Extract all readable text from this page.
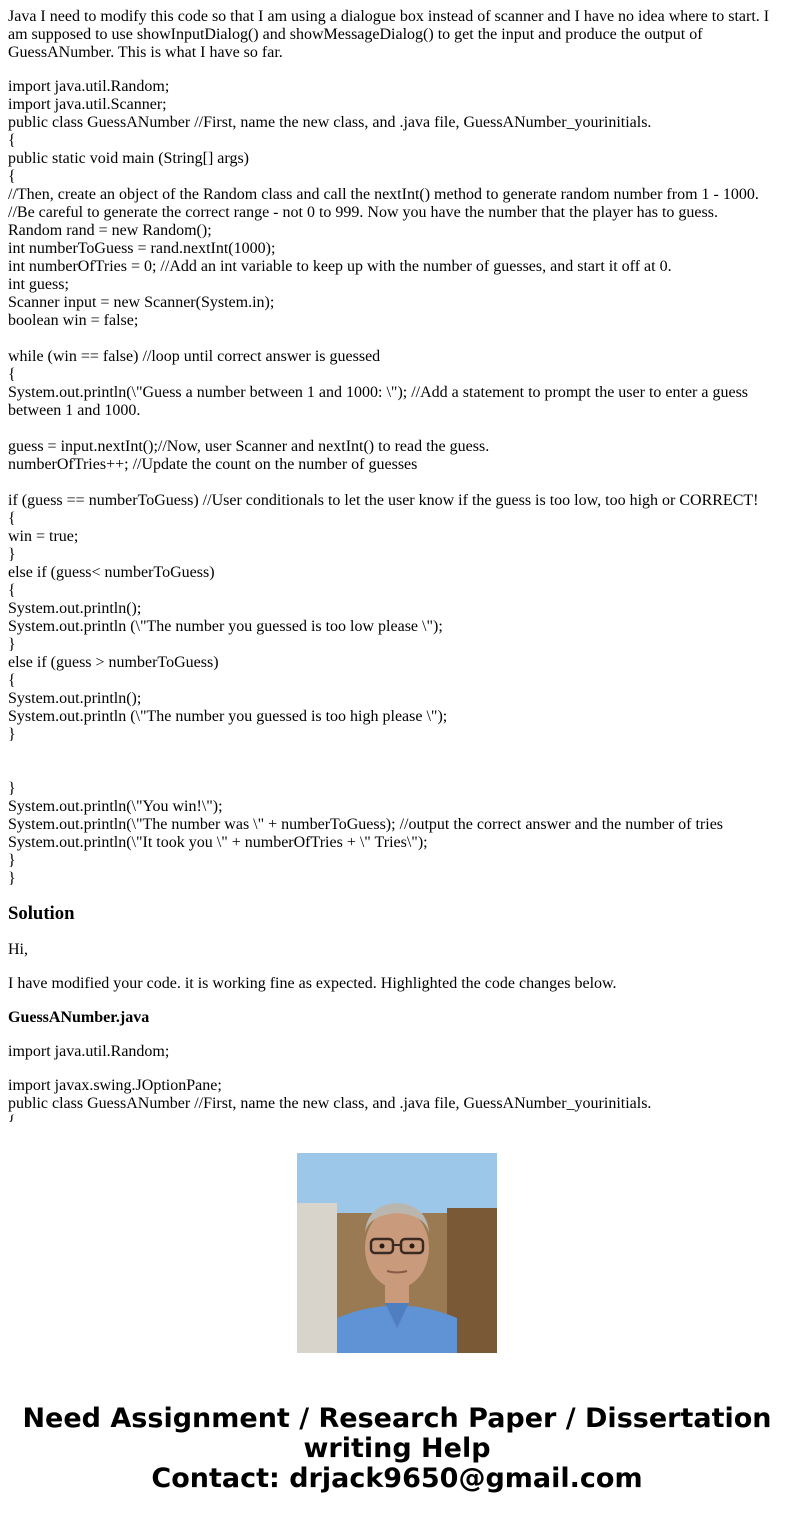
Java I need to modify this code so that I am using a dialogue box instead of scanner and I have no idea where to start. I am supposed to use showInputDialog() and showMessageDialog() to get the input and produce the output of GuessANumber. This is what I have so far.

import java.util.Random;
import java.util.Scanner;
public class GuessANumber //First, name the new class, and .java file, GuessANumber_yourinitials.
{
public static void main (String[] args)
{
//Then, create an object of the Random class and call the nextInt() method to generate random number from 1 - 1000.
//Be careful to generate the correct range - not 0 to 999. Now you have the number that the player has to guess.
Random rand = new Random();
int numberToGuess = rand.nextInt(1000);
int numberOfTries = 0; //Add an int variable to keep up with the number of guesses, and start it off at 0.
int guess;
Scanner input = new Scanner(System.in);
boolean win = false;
while (win == false) //loop until correct answer is guessed
{
System.out.println(\"Guess a number between 1 and 1000: \"); //Add a statement to prompt the user to enter a guess between 1 and 1000.
guess = input.nextInt();//Now, user Scanner and nextInt() to read the guess.
numberOfTries++; //Update the count on the number of guesses
if (guess == numberToGuess) //User conditionals to let the user know if the guess is too low, too high or CORRECT!
{
win = true;
}
else if (guess< numberToGuess)
{
System.out.println();
System.out.println (\"The number you guessed is too low please \");
}
else if (guess > numberToGuess)
{
System.out.println();
System.out.println (\"The number you guessed is too high please \");
}
}
System.out.println(\"You win!\");
System.out.println(\"The number was \" + numberToGuess); //output the correct answer and the number of tries
System.out.println(\"It took you \" + numberOfTries + \" Tries\");
}
}
Solution

Hi,

I have modified your code. it is working fine as expected. Highlighted the code changes below.

GuessANumber.java

import java.util.Random;

import javax.swing.JOptionPane;
public class GuessANumber //First, name the new class, and .java file, GuessANumber_yourinitials.
Need Assignment / Research Paper / Dissertation
writing Help
Contact: drjack9650@gmail.com
